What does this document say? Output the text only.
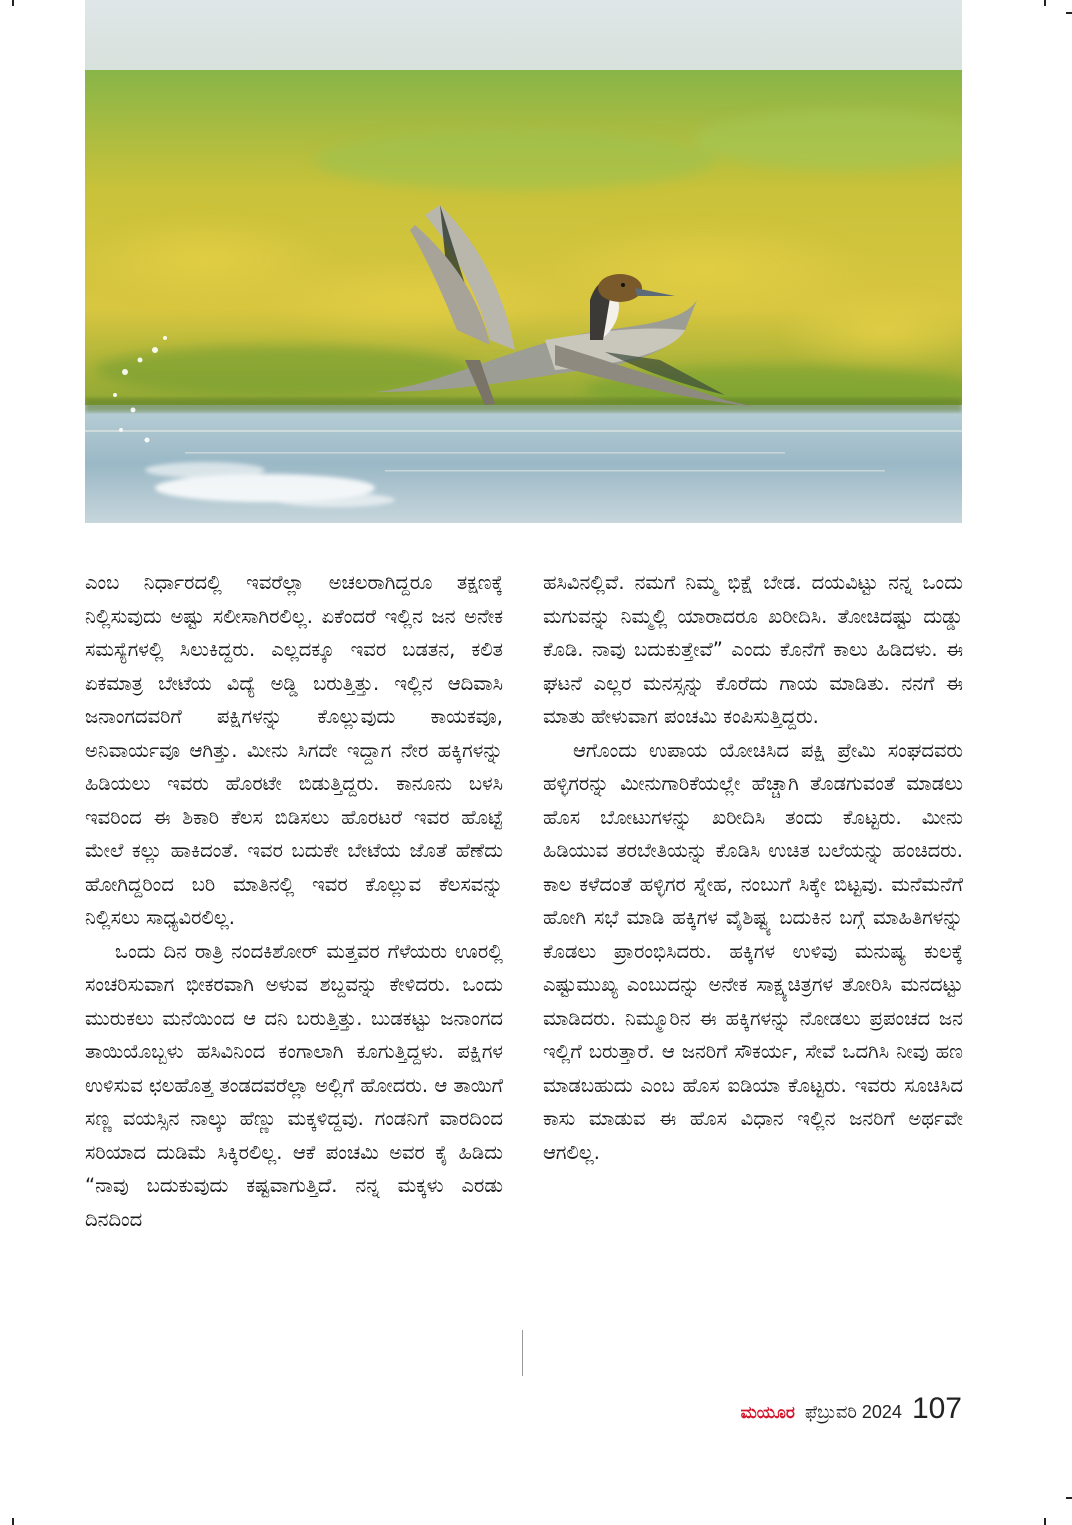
ಎಂಬ ನಿರ್ಧಾರದಲ್ಲಿ ಇವರೆಲ್ಲಾ ಅಚಲರಾಗಿದ್ದರೂ ತಕ್ಷಣಕ್ಕೆ ನಿಲ್ಲಿಸುವುದು ಅಷ್ಟು ಸಲೀಸಾಗಿರಲಿಲ್ಲ. ಏಕೆಂದರೆ ಇಲ್ಲಿನ ಜನ ಅನೇಕ ಸಮಸ್ಯೆಗಳಲ್ಲಿ ಸಿಲುಕಿದ್ದರು. ಎಲ್ಲದಕ್ಕೂ ಇವರ ಬಡತನ, ಕಲಿತ ಏಕಮಾತ್ರ ಬೇಟೆಯ ವಿದ್ಯೆ ಅಡ್ಡಿ ಬರುತ್ತಿತ್ತು. ಇಲ್ಲಿನ ಆದಿವಾಸಿ ಜನಾಂಗದವರಿಗೆ ಪಕ್ಷಿಗಳನ್ನು ಕೊಲ್ಲುವುದು ಕಾಯಕವೂ, ಅನಿವಾರ್ಯವೂ ಆಗಿತ್ತು. ಮೀನು ಸಿಗದೇ ಇದ್ದಾಗ ನೇರ ಹಕ್ಕಿಗಳನ್ನು ಹಿಡಿಯಲು ಇವರು ಹೊರಟೇ ಬಿಡುತ್ತಿದ್ದರು. ಕಾನೂನು ಬಳಸಿ ಇವರಿಂದ ಈ ಶಿಕಾರಿ ಕೆಲಸ ಬಿಡಿಸಲು ಹೊರಟರೆ ಇವರ ಹೊಟ್ಟೆ ಮೇಲೆ ಕಲ್ಲು ಹಾಕಿದಂತೆ. ಇವರ ಬದುಕೇ ಬೇಟೆಯ ಜೊತೆ ಹೆಣೆದು ಹೋಗಿದ್ದರಿಂದ ಬರಿ ಮಾತಿನಲ್ಲಿ ಇವರ ಕೊಲ್ಲುವ ಕೆಲಸವನ್ನು ನಿಲ್ಲಿಸಲು ಸಾಧ್ಯವಿರಲಿಲ್ಲ.

ಒಂದು ದಿನ ರಾತ್ರಿ ನಂದಕಿಶೋರ್ ಮತ್ತವರ ಗೆಳೆಯರು ಊರಲ್ಲಿ ಸಂಚರಿಸುವಾಗ ಭೀಕರವಾಗಿ ಅಳುವ ಶಬ್ದವನ್ನು ಕೇಳಿದರು. ಒಂದು ಮುರುಕಲು ಮನೆಯಿಂದ ಆ ದನಿ ಬರುತ್ತಿತ್ತು. ಬುಡಕಟ್ಟು ಜನಾಂಗದ ತಾಯಿಯೊಬ್ಬಳು ಹಸಿವಿನಿಂದ ಕಂಗಾಲಾಗಿ ಕೂಗುತ್ತಿದ್ದಳು. ಪಕ್ಷಿಗಳ ಉಳಿಸುವ ಛಲಹೊತ್ತ ತಂಡದವರೆಲ್ಲಾ ಅಲ್ಲಿಗೆ ಹೋದರು. ಆ ತಾಯಿಗೆ ಸಣ್ಣ ವಯಸ್ಸಿನ ನಾಲ್ಕು ಹೆಣ್ಣು ಮಕ್ಕಳಿದ್ದವು. ಗಂಡನಿಗೆ ವಾರದಿಂದ ಸರಿಯಾದ ದುಡಿಮೆ ಸಿಕ್ಕಿರಲಿಲ್ಲ. ಆಕೆ ಪಂಚಮಿ ಅವರ ಕೈ ಹಿಡಿದು “ನಾವು ಬದುಕುವುದು ಕಷ್ಟವಾಗುತ್ತಿದೆ. ನನ್ನ ಮಕ್ಕಳು ಎರಡು ದಿನದಿಂದ

ಹಸಿವಿನಲ್ಲಿವೆ. ನಮಗೆ ನಿಮ್ಮ ಭಿಕ್ಷೆ ಬೇಡ. ದಯವಿಟ್ಟು ನನ್ನ ಒಂದು ಮಗುವನ್ನು ನಿಮ್ಮಲ್ಲಿ ಯಾರಾದರೂ ಖರೀದಿಸಿ. ತೋಚಿದಷ್ಟು ದುಡ್ಡು ಕೊಡಿ. ನಾವು ಬದುಕುತ್ತೇವೆ” ಎಂದು ಕೊನೆಗೆ ಕಾಲು ಹಿಡಿದಳು. ಈ ಘಟನೆ ಎಲ್ಲರ ಮನಸ್ಸನ್ನು ಕೊರೆದು ಗಾಯ ಮಾಡಿತು. ನನಗೆ ಈ ಮಾತು ಹೇಳುವಾಗ ಪಂಚಮಿ ಕಂಪಿಸುತ್ತಿದ್ದರು.

ಆಗೊಂದು ಉಪಾಯ ಯೋಚಿಸಿದ ಪಕ್ಷಿ ಪ್ರೇಮಿ ಸಂಘದವರು ಹಳ್ಳಿಗರನ್ನು ಮೀನುಗಾರಿಕೆಯಲ್ಲೇ ಹೆಚ್ಚಾಗಿ ತೊಡಗುವಂತೆ ಮಾಡಲು ಹೊಸ ಬೋಟುಗಳನ್ನು ಖರೀದಿಸಿ ತಂದು ಕೊಟ್ಟರು. ಮೀನು ಹಿಡಿಯುವ ತರಬೇತಿಯನ್ನು ಕೊಡಿಸಿ ಉಚಿತ ಬಲೆಯನ್ನು ಹಂಚಿದರು. ಕಾಲ ಕಳೆದಂತೆ ಹಳ್ಳಿಗರ ಸ್ನೇಹ, ನಂಬುಗೆ ಸಿಕ್ಕೇ ಬಿಟ್ಟವು. ಮನೆಮನೆಗೆ ಹೋಗಿ ಸಭೆ ಮಾಡಿ ಹಕ್ಕಿಗಳ ವೈಶಿಷ್ಟ್ಯ ಬದುಕಿನ ಬಗ್ಗೆ ಮಾಹಿತಿಗಳನ್ನು ಕೊಡಲು ಪ್ರಾರಂಭಿಸಿದರು. ಹಕ್ಕಿಗಳ ಉಳಿವು ಮನುಷ್ಯ ಕುಲಕ್ಕೆ ಎಷ್ಟುಮುಖ್ಯ ಎಂಬುದನ್ನು ಅನೇಕ ಸಾಕ್ಷ್ಯಚಿತ್ರಗಳ ತೋರಿಸಿ ಮನದಟ್ಟು ಮಾಡಿದರು. ನಿಮ್ಮೂರಿನ ಈ ಹಕ್ಕಿಗಳನ್ನು ನೋಡಲು ಪ್ರಪಂಚದ ಜನ ಇಲ್ಲಿಗೆ ಬರುತ್ತಾರೆ. ಆ ಜನರಿಗೆ ಸೌಕರ್ಯ, ಸೇವೆ ಒದಗಿಸಿ ನೀವು ಹಣ ಮಾಡಬಹುದು ಎಂಬ ಹೊಸ ಐಡಿಯಾ ಕೊಟ್ಟರು. ಇವರು ಸೂಚಿಸಿದ ಕಾಸು ಮಾಡುವ ಈ ಹೊಸ ವಿಧಾನ ಇಲ್ಲಿನ ಜನರಿಗೆ ಅರ್ಥವೇ ಆಗಲಿಲ್ಲ.

ಮಯೂರ ಫೆಬ್ರುವರಿ 2024 107
